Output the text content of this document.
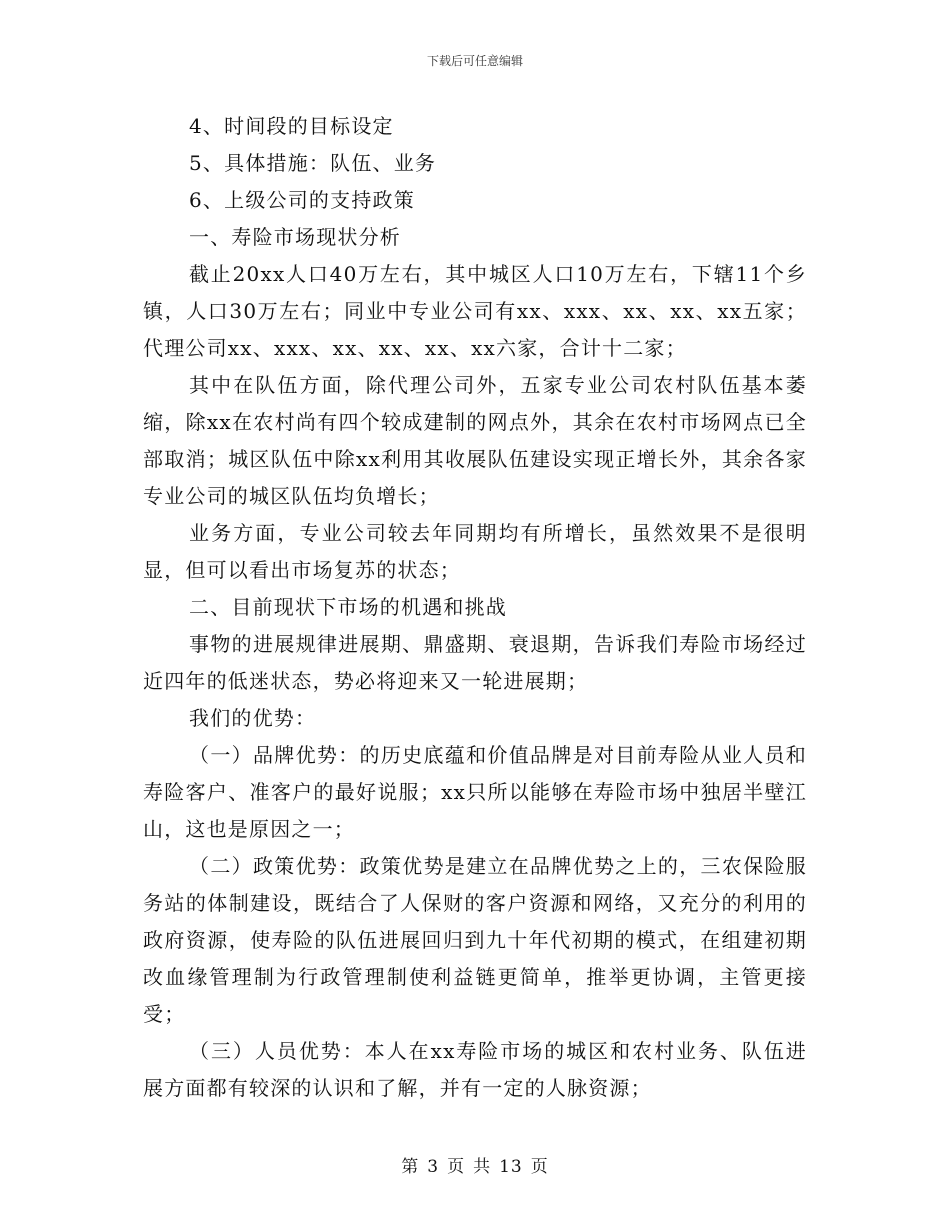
下载后可任意编辑

4、时间段的目标设定

5、具体措施：队伍、业务

6、上级公司的支持政策

一、寿险市场现状分析

截止20xx人口40万左右，其中城区人口10万左右，下辖11个乡镇，人口30万左右；同业中专业公司有xx、xxx、xx、xx、xx五家；代理公司xx、xxx、xx、xx、xx、xx六家，合计十二家；

其中在队伍方面，除代理公司外，五家专业公司农村队伍基本萎缩，除xx在农村尚有四个较成建制的网点外，其余在农村市场网点已全部取消；城区队伍中除xx利用其收展队伍建设实现正增长外，其余各家专业公司的城区队伍均负增长；

业务方面，专业公司较去年同期均有所增长，虽然效果不是很明显，但可以看出市场复苏的状态；

二、目前现状下市场的机遇和挑战

事物的进展规律进展期、鼎盛期、衰退期，告诉我们寿险市场经过近四年的低迷状态，势必将迎来又一轮进展期；

我们的优势：

（一）品牌优势：的历史底蕴和价值品牌是对目前寿险从业人员和寿险客户、准客户的最好说服；xx只所以能够在寿险市场中独居半壁江山，这也是原因之一；

（二）政策优势：政策优势是建立在品牌优势之上的，三农保险服务站的体制建设，既结合了人保财的客户资源和网络，又充分的利用的政府资源，使寿险的队伍进展回归到九十年代初期的模式，在组建初期改血缘管理制为行政管理制使利益链更简单，推举更协调，主管更接受；

（三）人员优势：本人在xx寿险市场的城区和农村业务、队伍进展方面都有较深的认识和了解，并有一定的人脉资源；

第 3 页 共 13 页
